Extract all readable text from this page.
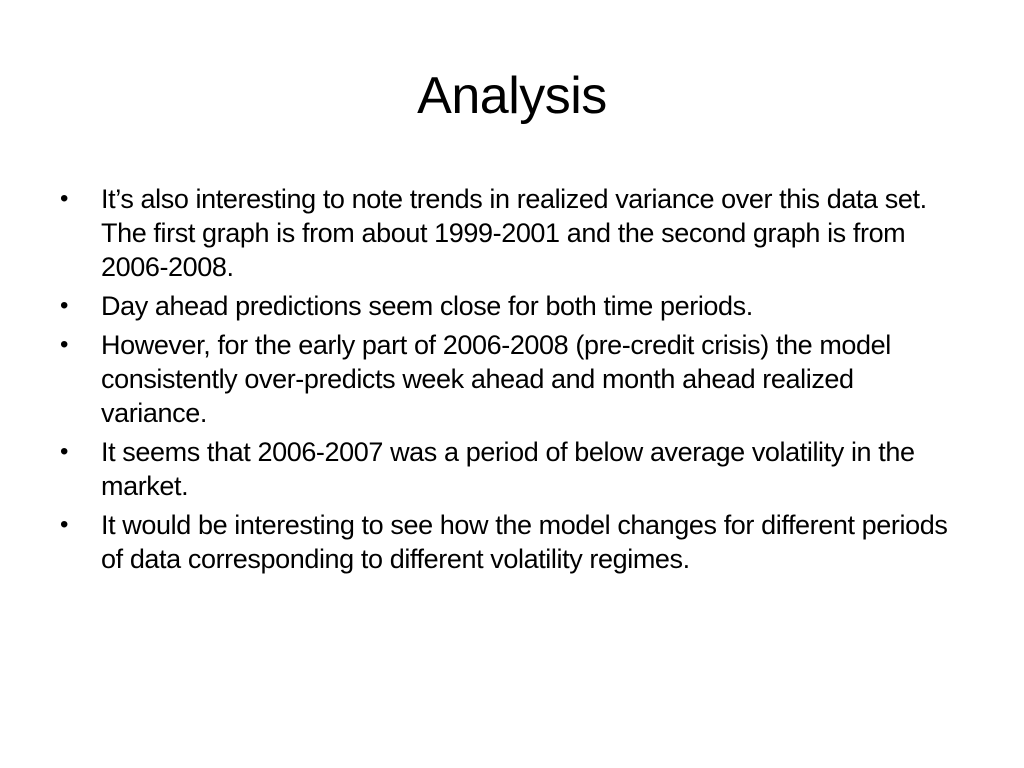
Analysis
•	It’s also interesting to note trends in realized variance over this data set. The first graph is from about 1999-2001 and the second graph is from 2006-2008.
•	Day ahead predictions seem close for both time periods.
•	However, for the early part of 2006-2008 (pre-credit crisis) the model consistently over-predicts week ahead and month ahead realized variance.
•	It seems that 2006-2007 was a period of below average volatility in the market.
•	It would be interesting to see how the model changes for different periods of data corresponding to different volatility regimes.
